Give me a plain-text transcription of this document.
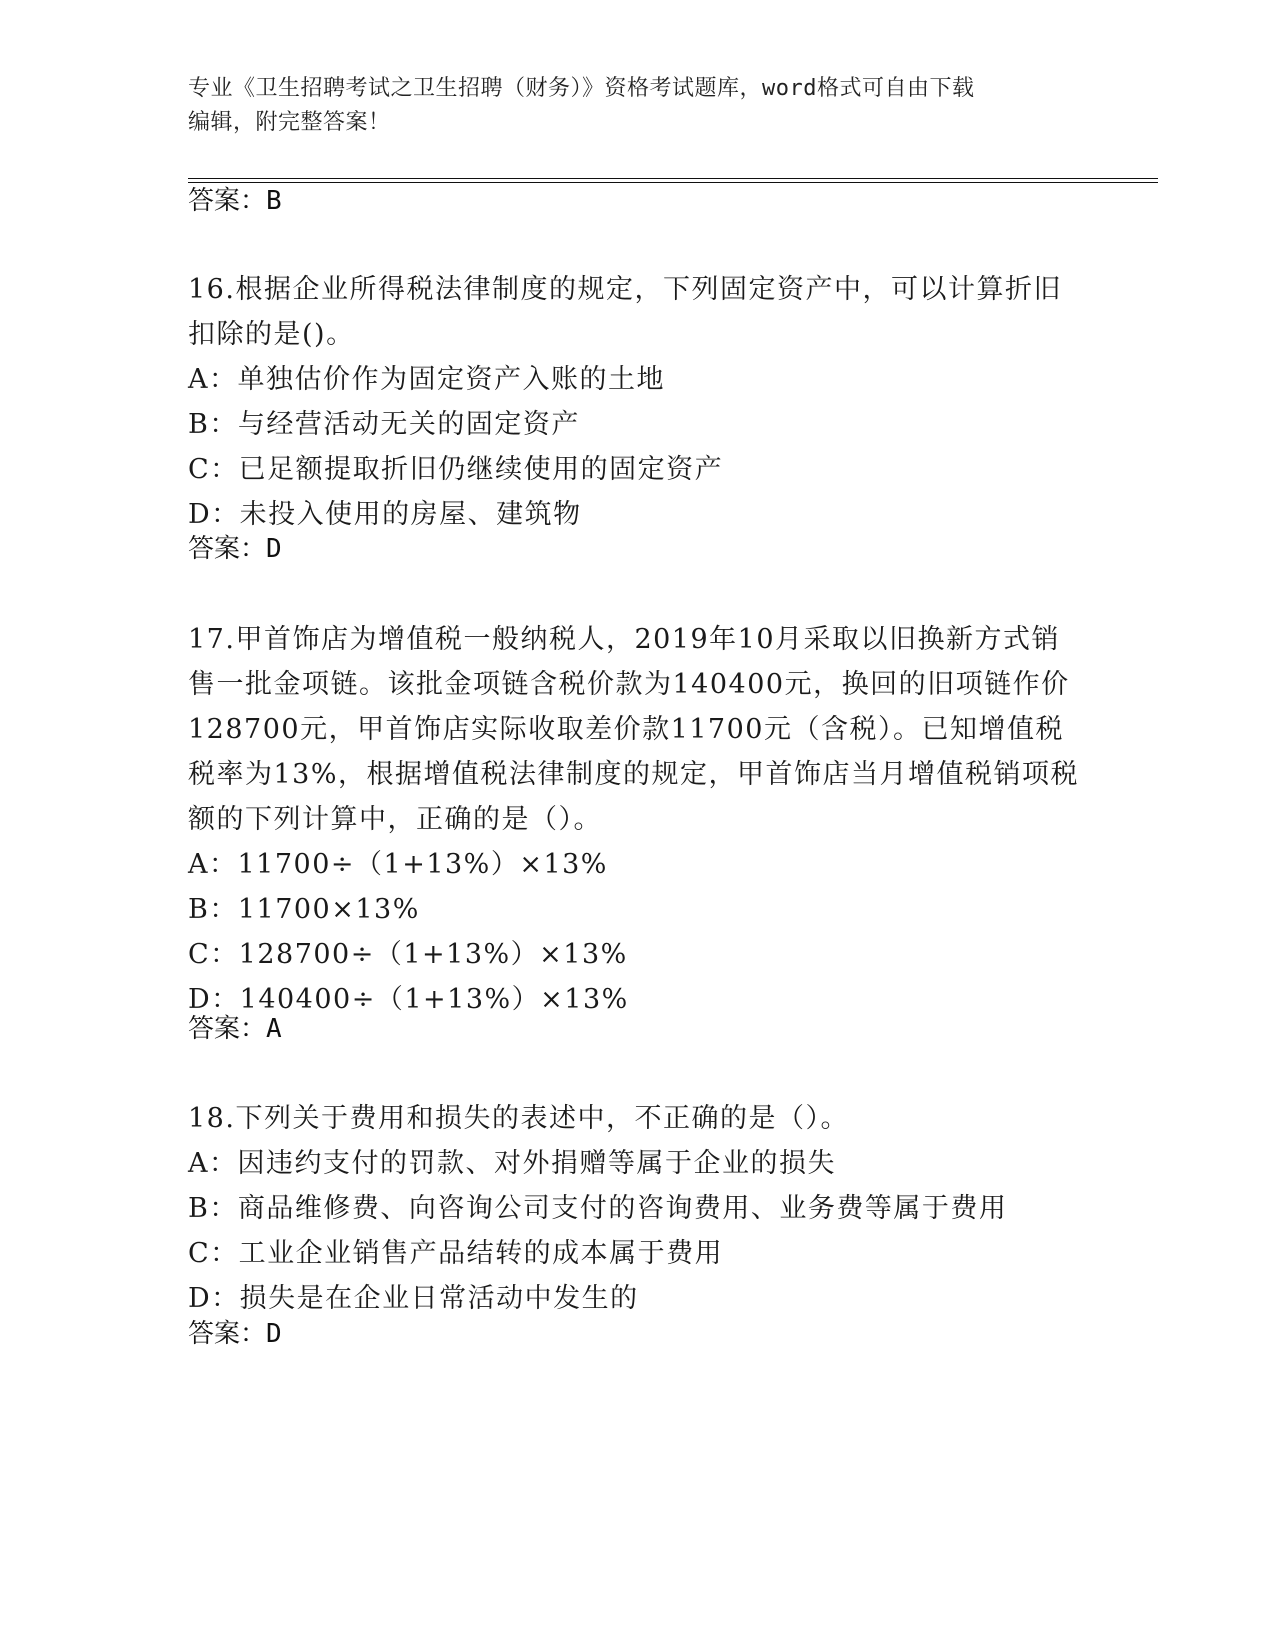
专业《卫生招聘考试之卫生招聘（财务）》资格考试题库，word格式可自由下载
编辑，附完整答案！
答案：B

16.根据企业所得税法律制度的规定，下列固定资产中，可以计算折旧

扣除的是()。

A：单独估价作为固定资产入账的土地

B：与经营活动无关的固定资产

C：已足额提取折旧仍继续使用的固定资产

D：未投入使用的房屋、建筑物

答案：D

17.甲首饰店为增值税一般纳税人，2019年10月采取以旧换新方式销

售一批金项链。该批金项链含税价款为140400元，换回的旧项链作价

128700元，甲首饰店实际收取差价款11700元（含税）。已知增值税

税率为13%，根据增值税法律制度的规定，甲首饰店当月增值税销项税

额的下列计算中，正确的是（）。

A：11700÷（1+13%）×13%

B：11700×13%

C：128700÷（1+13%）×13%

D：140400÷（1+13%）×13%

答案：A

18.下列关于费用和损失的表述中，不正确的是（）。

A：因违约支付的罚款、对外捐赠等属于企业的损失

B：商品维修费、向咨询公司支付的咨询费用、业务费等属于费用

C：工业企业销售产品结转的成本属于费用

D：损失是在企业日常活动中发生的

答案：D
